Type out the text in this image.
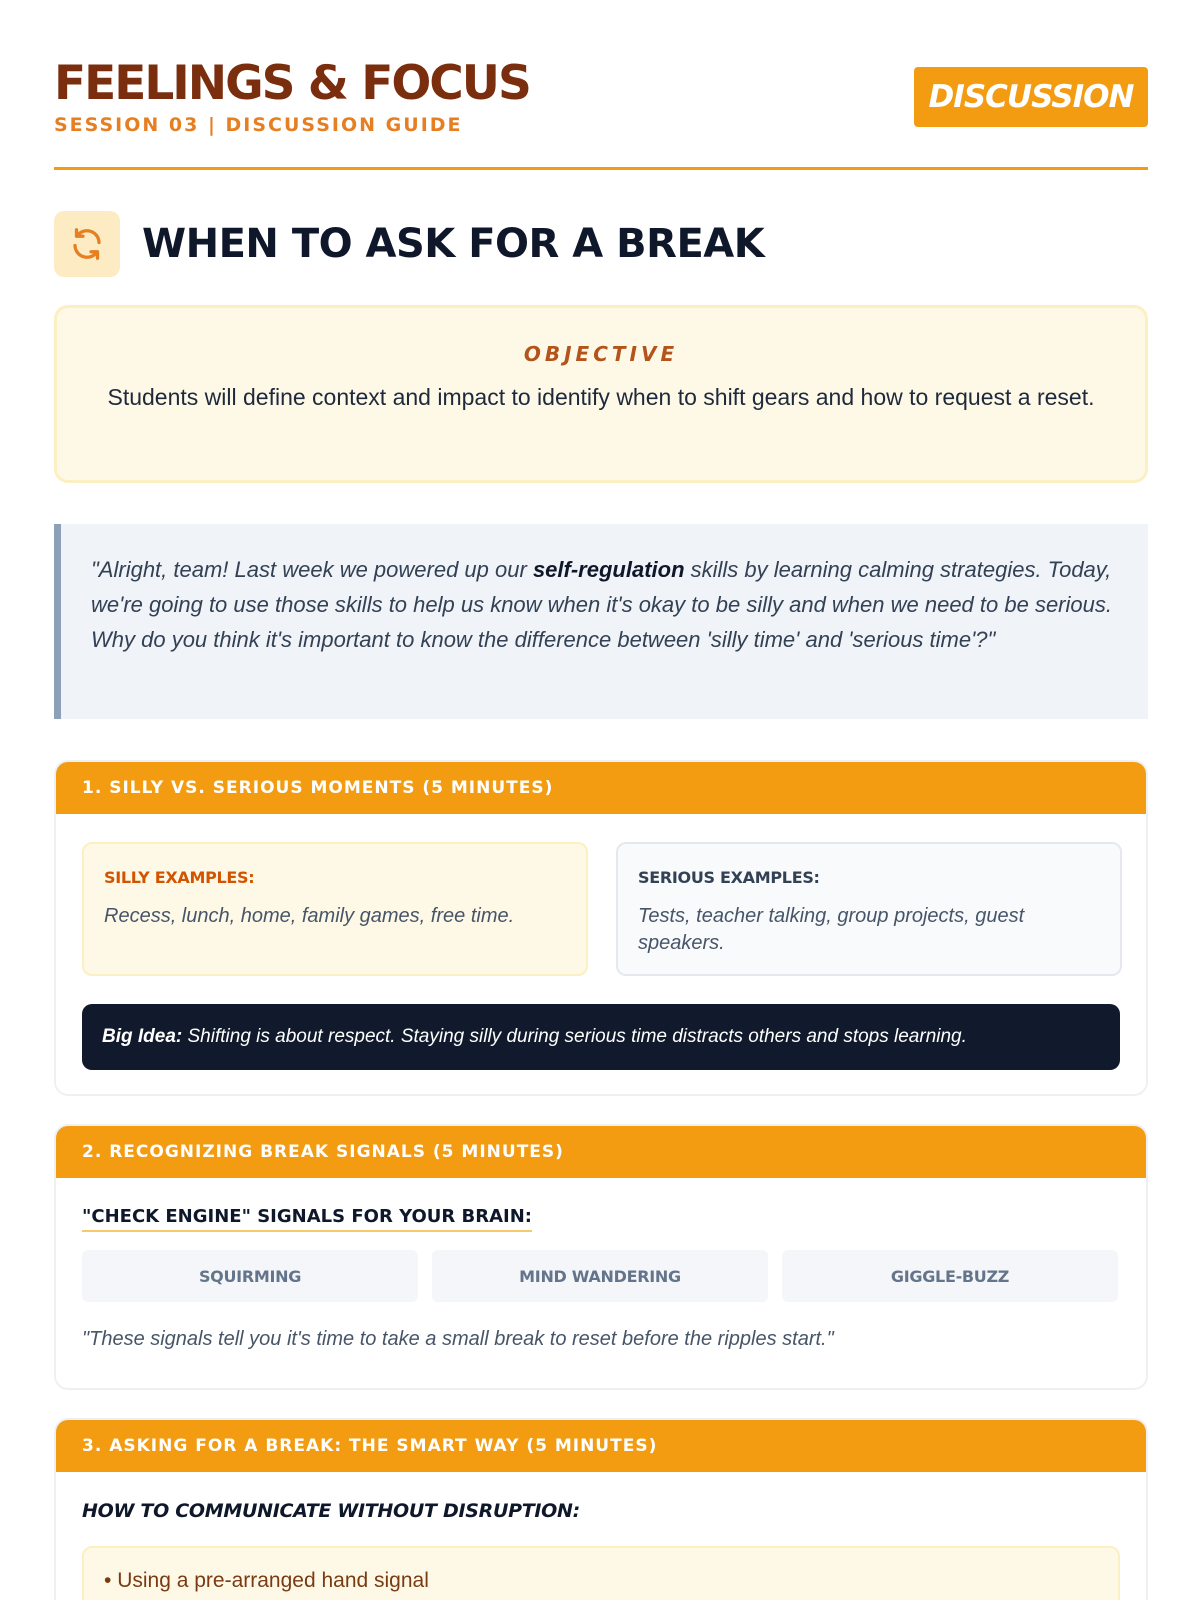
FEELINGS & FOCUS
SESSION 03 | DISCUSSION GUIDE
DISCUSSION
WHEN TO ASK FOR A BREAK
OBJECTIVE
Students will define context and impact to identify when to shift gears and how to request a reset.

"Alright, team! Last week we powered up our self-regulation skills by learning calming strategies. Today, we're going to use those skills to help us know when it's okay to be silly and when we need to be serious. Why do you think it's important to know the difference between 'silly time' and 'serious time'?"

1. SILLY VS. SERIOUS MOMENTS (5 MINUTES)
SILLY EXAMPLES:
Recess, lunch, home, family games, free time.
SERIOUS EXAMPLES:
Tests, teacher talking, group projects, guest speakers.

Big Idea: Shifting is about respect. Staying silly during serious time distracts others and stops learning.

2. RECOGNIZING BREAK SIGNALS (5 MINUTES)
"CHECK ENGINE" SIGNALS FOR YOUR BRAIN:
SQUIRMING	MIND WANDERING	GIGGLE-BUZZ
"These signals tell you it's time to take a small break to reset before the ripples start."
3. ASKING FOR A BREAK: THE SMART WAY (5 MINUTES)
HOW TO COMMUNICATE WITHOUT DISRUPTION:
• Using a pre-arranged hand signal
